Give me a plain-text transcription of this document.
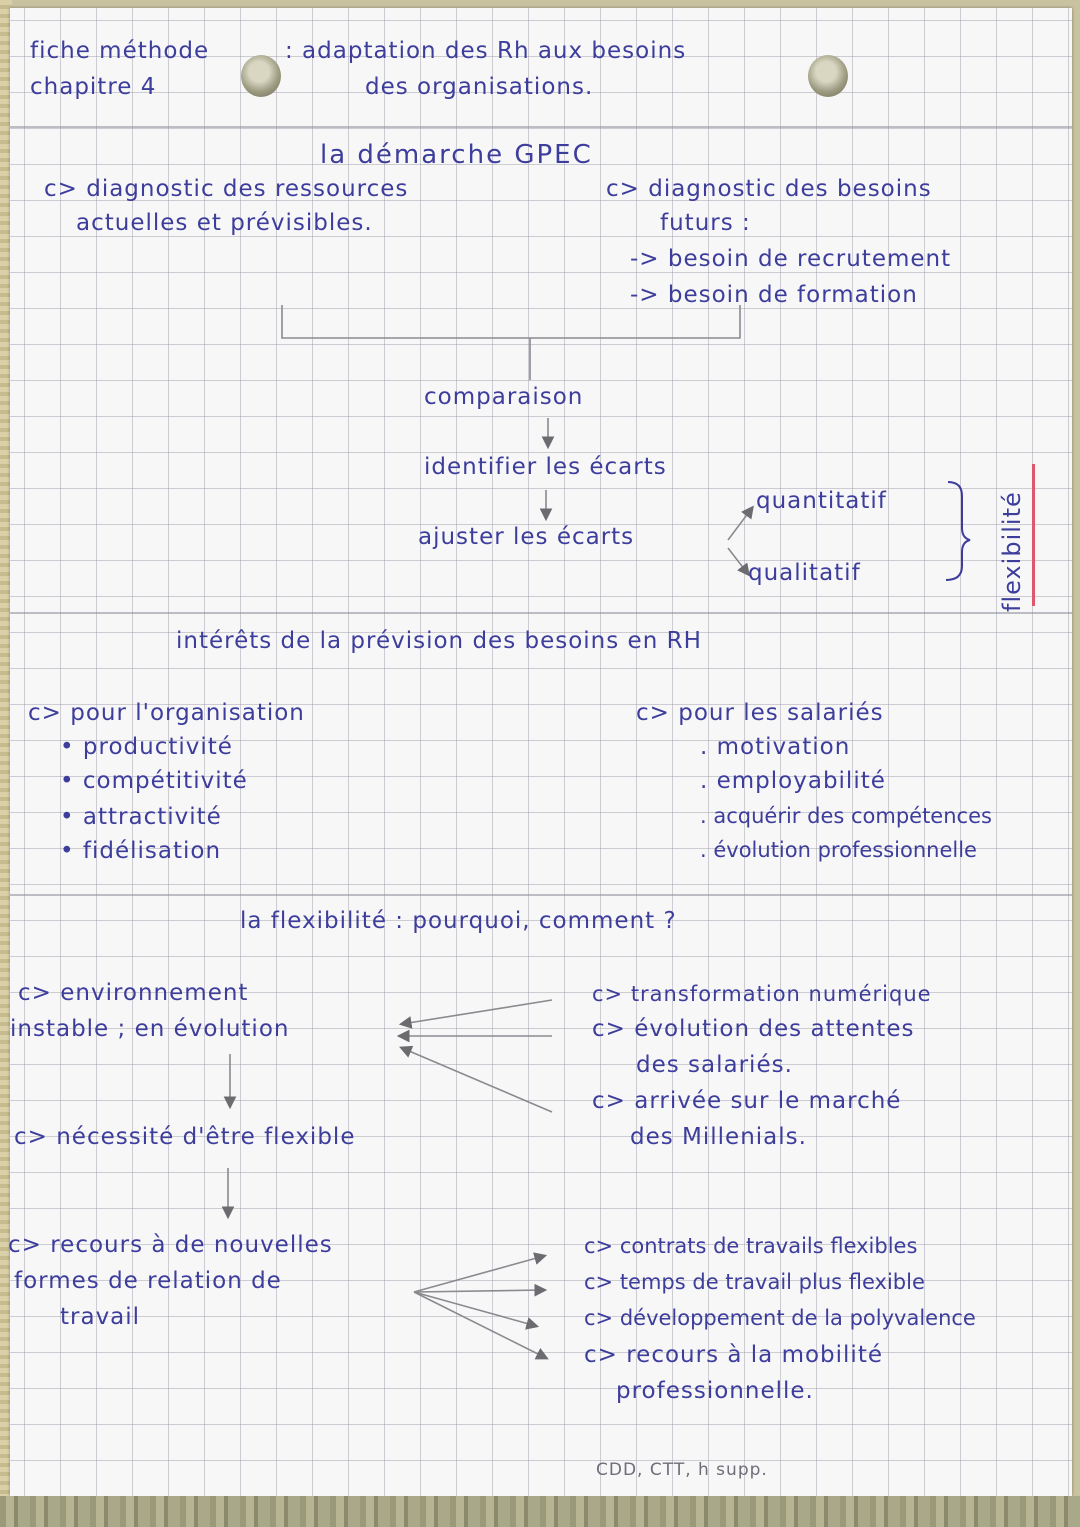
fiche méthode
chapitre 4
: adaptation des Rh aux besoins
des organisations.
la démarche GPEC
c> diagnostic des ressources
actuelles et prévisibles.
c> diagnostic des besoins
futurs :
-> besoin de recrutement
-> besoin de formation
comparaison
identifier les écarts
ajuster les écarts
quantitatif
qualitatif	flexibilité
intérêts de la prévision des besoins en RH
c> pour l'organisation
• productivité
• compétitivité
• attractivité
• fidélisation
c> pour les salariés
. motivation
. employabilité
. acquérir des compétences
. évolution professionnelle
la flexibilité : pourquoi, comment ?
c> environnement
instable ; en évolution
c> transformation numérique
c> évolution des attentes
des salariés.
c> arrivée sur le marché
des Millenials.
c> nécessité d'être flexible
c> recours à de nouvelles
formes de relation de
travail
c> contrats de travails flexibles
c> temps de travail plus flexible
c> développement de la polyvalence
c> recours à la mobilité
professionnelle.
CDD, CTT, h supp.
